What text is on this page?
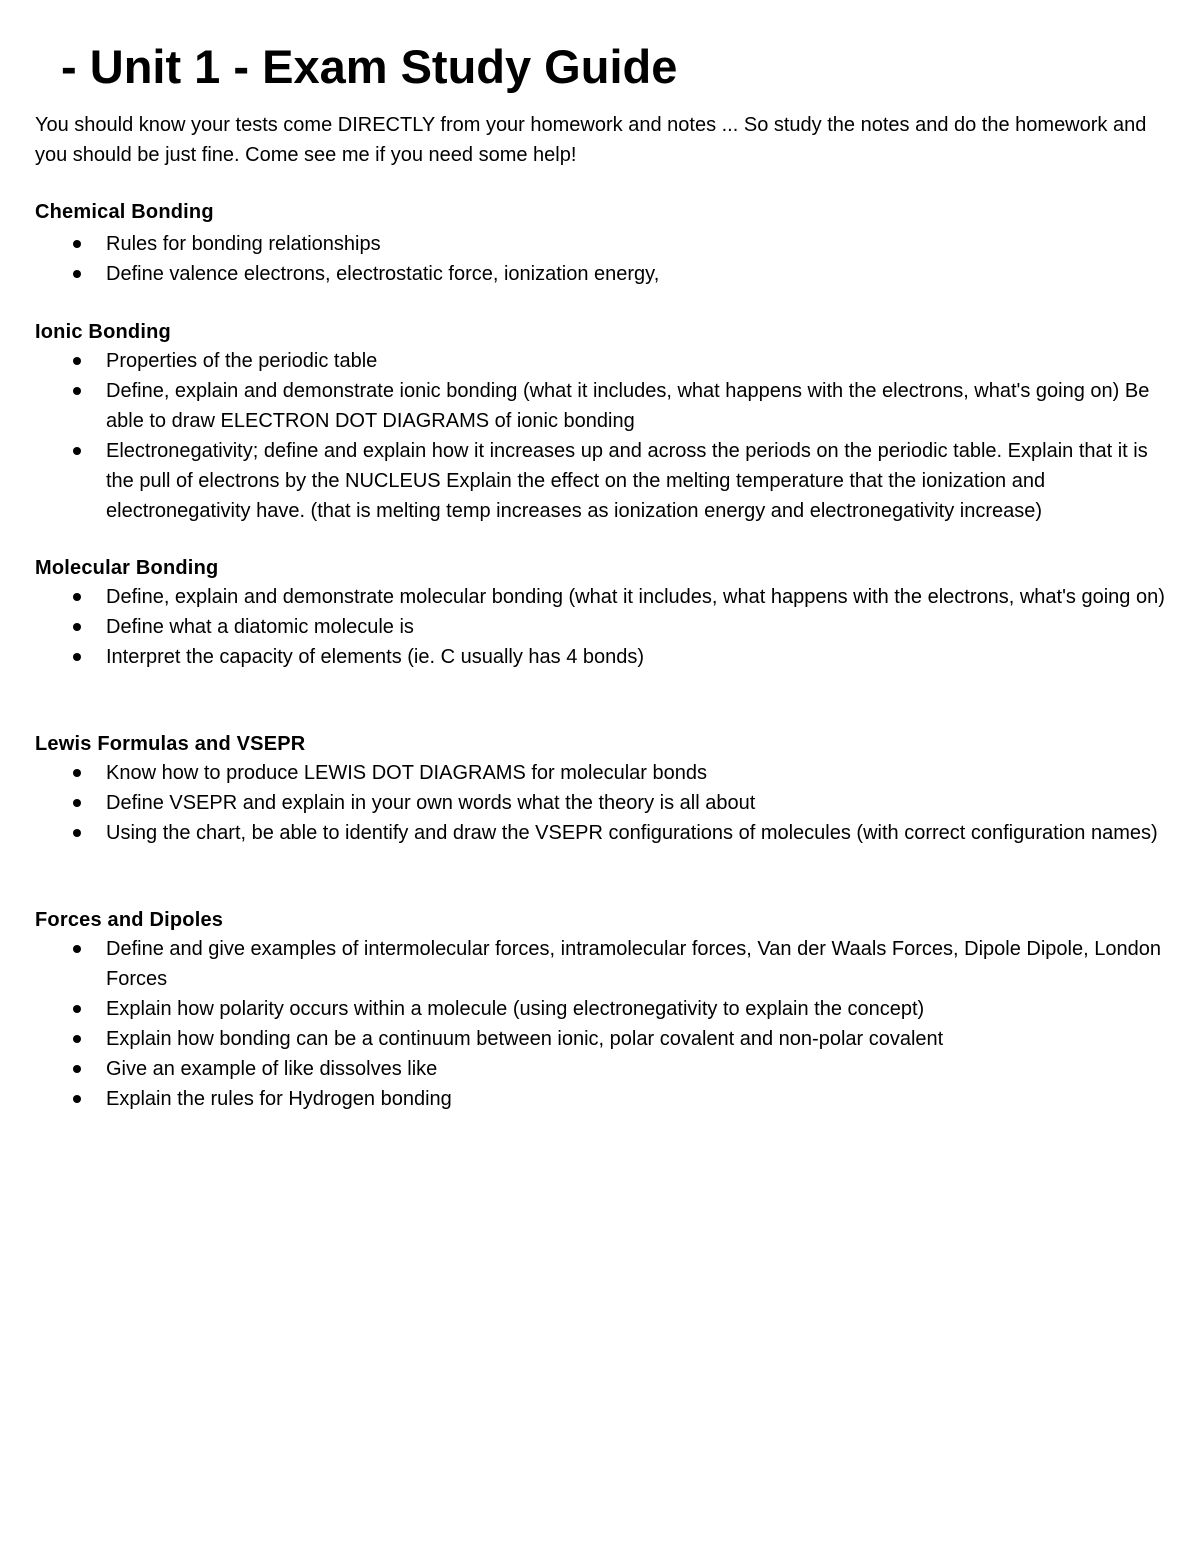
- Unit 1 - Exam Study Guide

You should know your tests come DIRECTLY from your homework and notes ... So study the notes and do the homework and you should be just fine. Come see me if you need some help!

Chemical Bonding
Rules for bonding relationships
Define valence electrons, electrostatic force, ionization energy,
Ionic Bonding
Properties of the periodic table
Define, explain and demonstrate ionic bonding (what it includes, what happens with the electrons, what's going on) Be able to draw ELECTRON DOT DIAGRAMS of ionic bonding
Electronegativity; define and explain how it increases up and across the periods on the periodic table. Explain that it is the pull of electrons by the NUCLEUS Explain the effect on the melting temperature that the ionization and electronegativity have. (that is melting temp increases as ionization energy and electronegativity increase)
Molecular Bonding
Define, explain and demonstrate molecular bonding (what it includes, what happens with the electrons, what's going on)
Define what a diatomic molecule is
Interpret the capacity of elements (ie. C usually has 4 bonds)
Lewis Formulas and VSEPR
Know how to produce LEWIS DOT DIAGRAMS for molecular bonds
Define VSEPR and explain in your own words what the theory is all about
Using the chart, be able to identify and draw the VSEPR configurations of molecules (with correct configuration names)
Forces and Dipoles
Define and give examples of intermolecular forces, intramolecular forces, Van der Waals Forces, Dipole Dipole, London Forces
Explain how polarity occurs within a molecule (using electronegativity to explain the concept)
Explain how bonding can be a continuum between ionic, polar covalent and non-polar covalent
Give an example of like dissolves like
Explain the rules for Hydrogen bonding
